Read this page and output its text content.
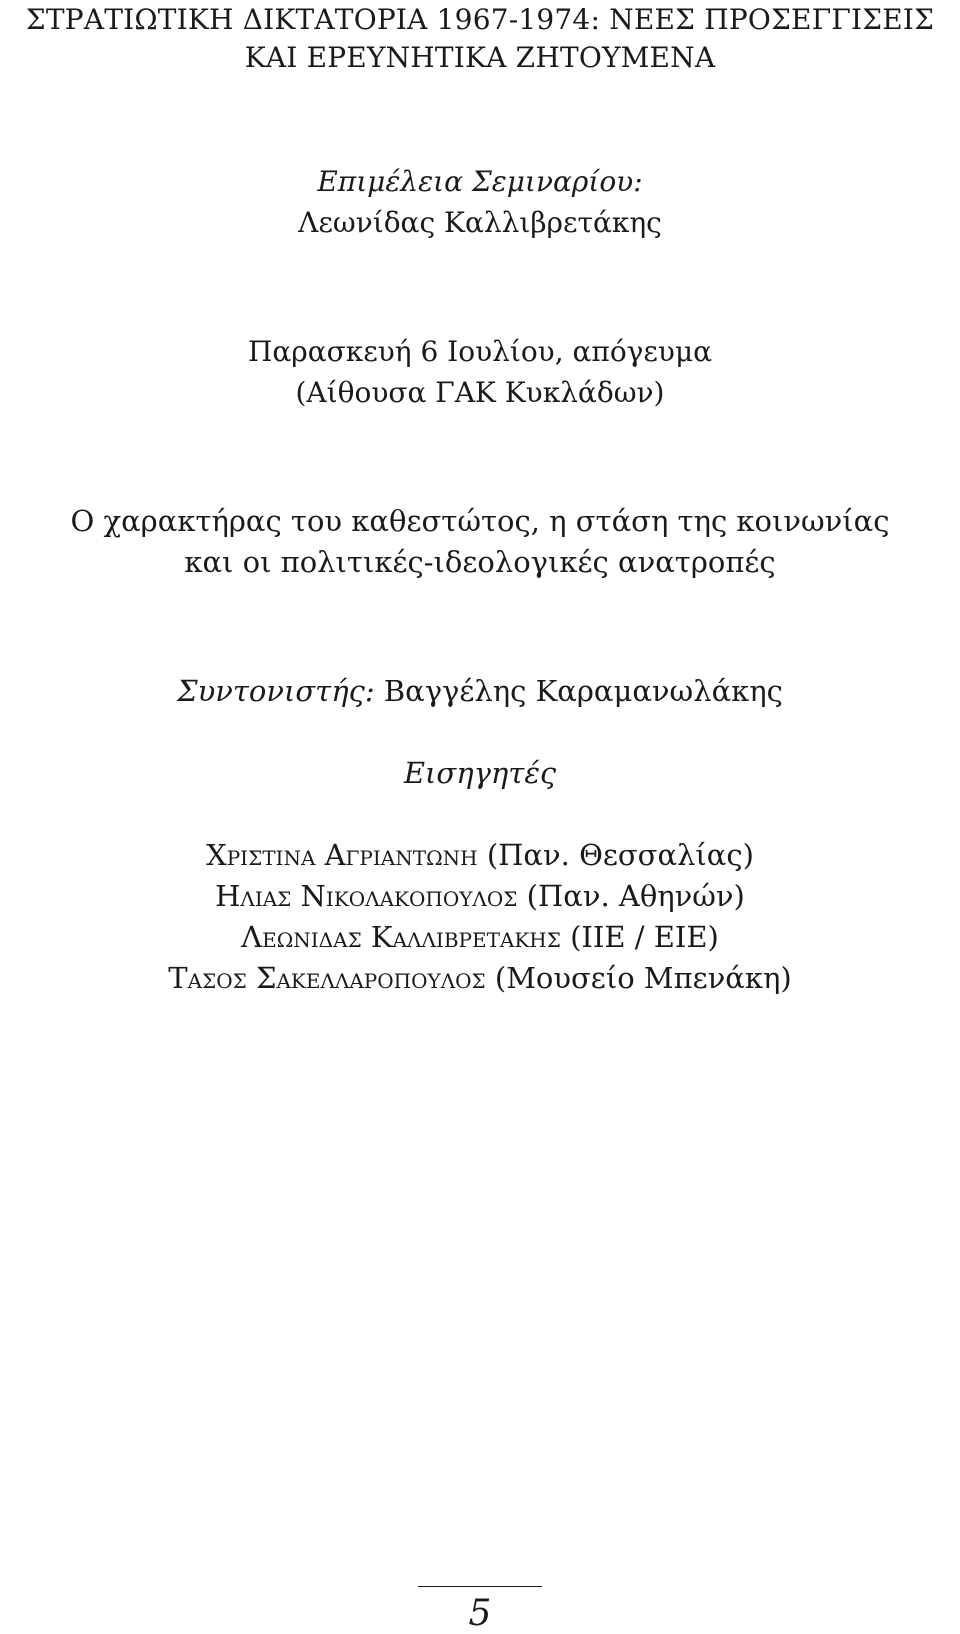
ΣΤΡΑΤΙΩΤΙΚΗ ΔΙΚΤΑΤΟΡΙΑ 1967-1974: ΝΕΕΣ ΠΡΟΣΕΓΓΙΣΕΙΣ
ΚΑΙ ΕΡΕΥΝΗΤΙΚΑ ΖΗΤΟΥΜΕΝΑ
Επιμέλεια Σεμιναρίου:
Λεωνίδας Καλλιβρετάκης
Παρασκευή 6 Ιουλίου, απόγευμα
(Αίθουσα ΓΑΚ Κυκλάδων)
Ο χαρακτήρας του καθεστώτος, η στάση της κοινωνίας
και οι πολιτικές-ιδεολογικές ανατροπές
Συντονιστής: Βαγγέλης Καραμανωλάκης
Εισηγητές
Χριστινα Αγριαντωνη (Παν. Θεσσαλίας)
Ηλιας Νικολακοπουλος (Παν. Αθηνών)
Λεωνιδας Καλλιβρετακης (ΙΙΕ / ΕΙΕ)
Τασος Σακελλαροπουλος (Μουσείο Μπενάκη)
5
